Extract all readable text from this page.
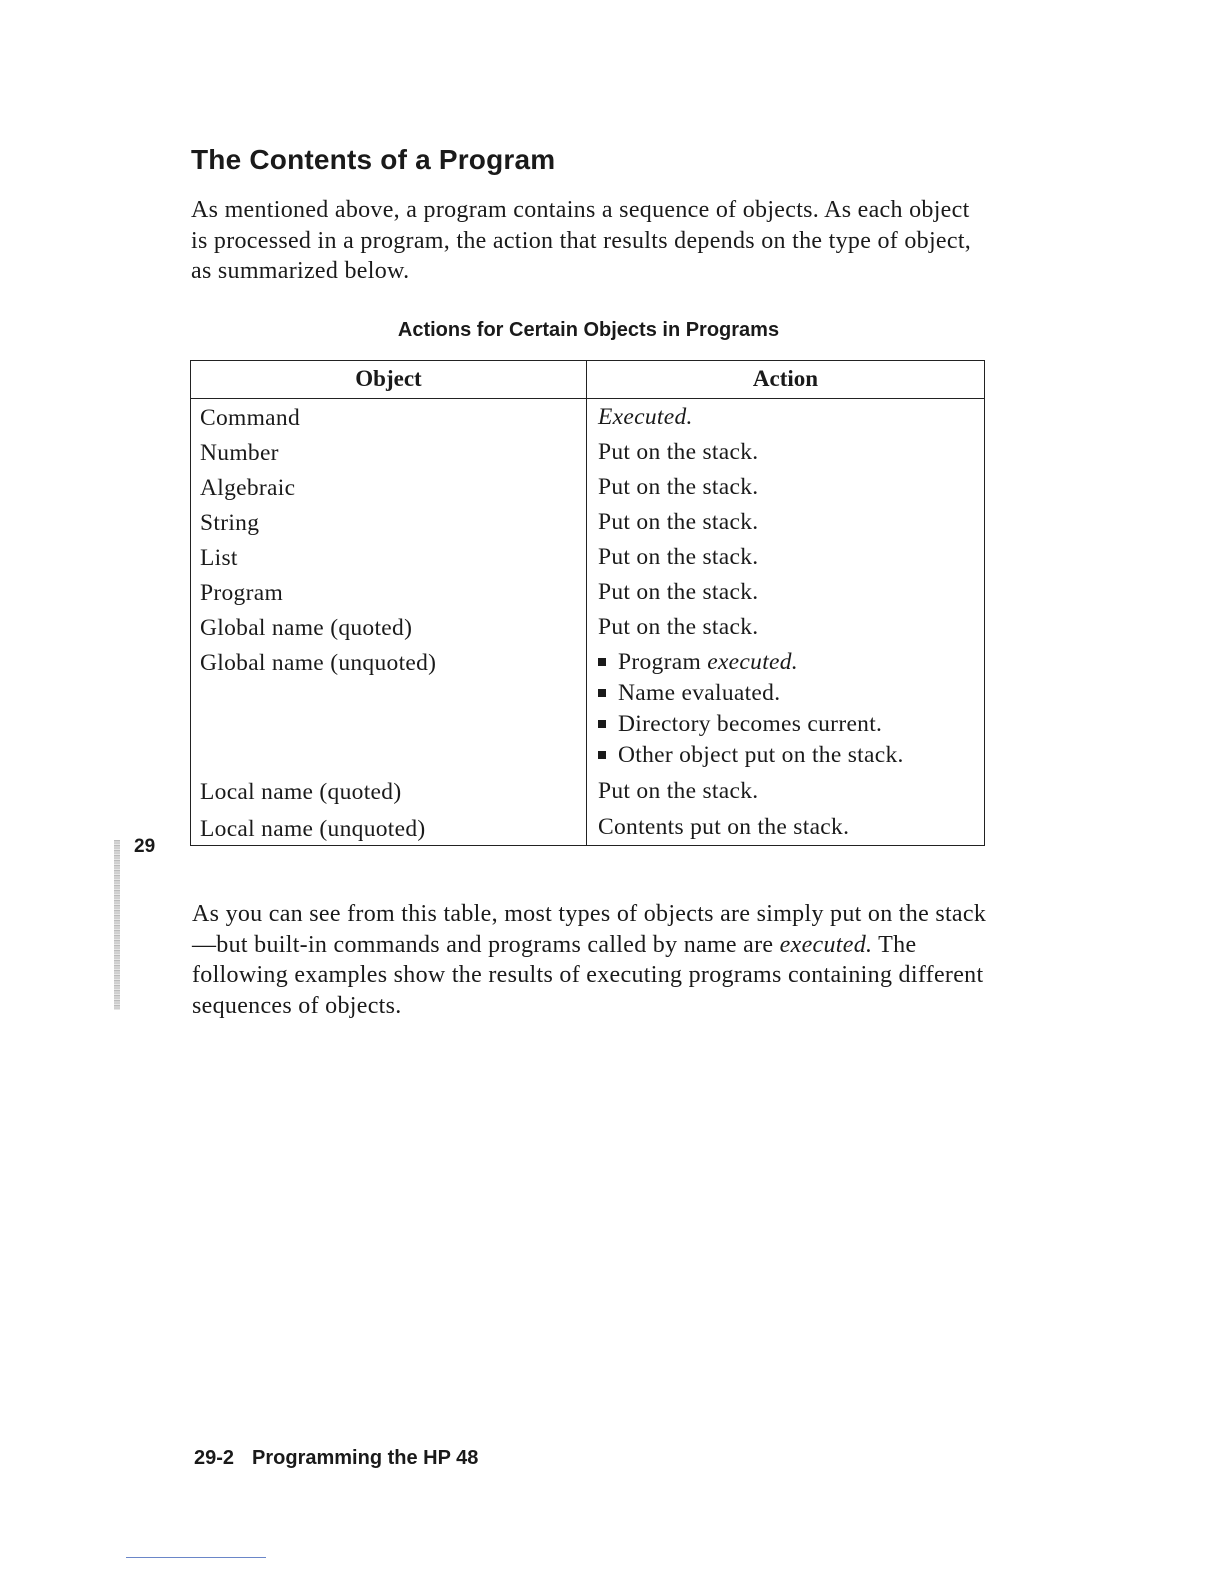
The Contents of a Program

As mentioned above, a program contains a sequence of objects. As each object is processed in a program, the action that results depends on the type of object, as summarized below.

Actions for Certain Objects in Programs
Object	Action
Command
Number
Algebraic
String
List
Program
Global name (quoted)
Global name (unquoted)
Local name (quoted)
Local name (unquoted)
Executed.
Put on the stack.
Put on the stack.
Put on the stack.
Put on the stack.
Put on the stack.
Put on the stack.
Program executed.
Name evaluated.
Directory becomes current.
Other object put on the stack.
Put on the stack.
Contents put on the stack.
29

As you can see from this table, most types of objects are simply put on the stack—but built-in commands and programs called by name are executed. The following examples show the results of executing programs containing different sequences of objects.

29-2 Programming the HP 48
